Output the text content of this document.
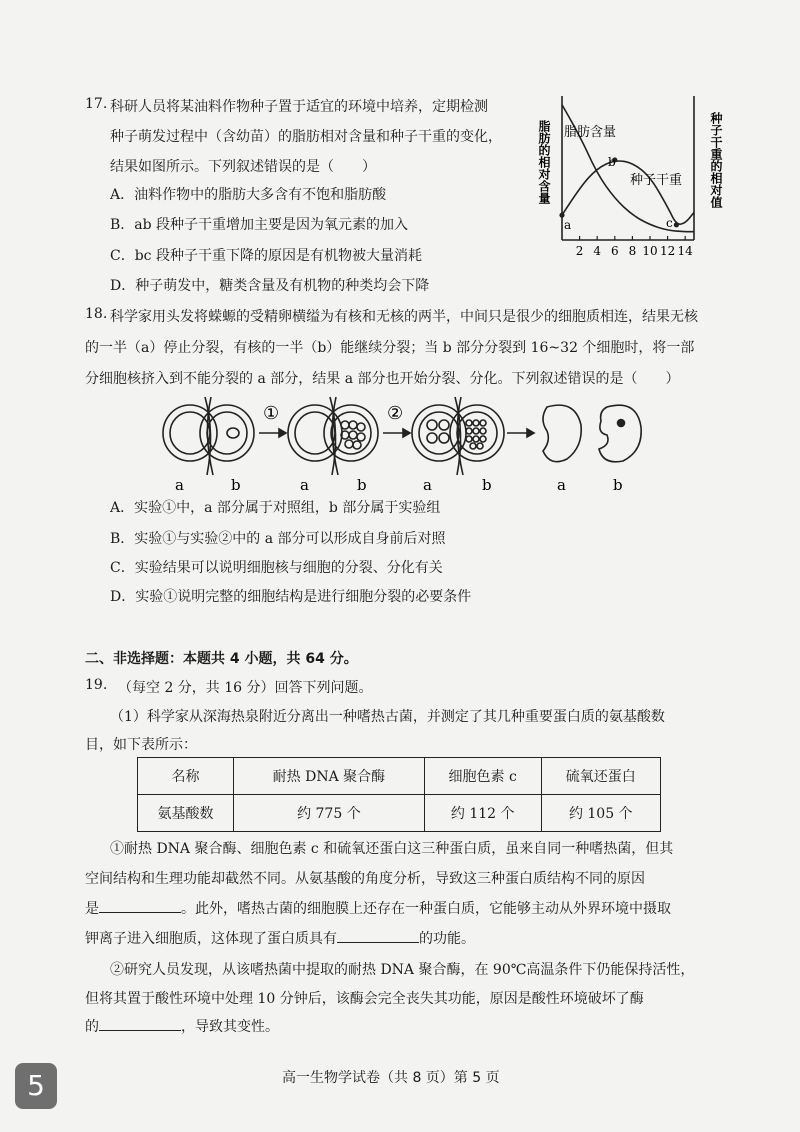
17. 科研人员将某油料作物种子置于适宜的环境中培养，定期检测
种子萌发过程中（含幼苗）的脂肪相对含量和种子干重的变化，
结果如图所示。下列叙述错误的是（　　）
A．油料作物中的脂肪大多含有不饱和脂肪酸
B．ab 段种子干重增加主要是因为氧元素的加入
C．bc 段种子干重下降的原因是有机物被大量消耗
D．种子萌发中，糖类含量及有机物的种类均会下降
2 4 6 8 10 12 14
脂肪的相对含量	种子干重的相对值
脂肪含量
种子干重
a
b
c
18. 科学家用头发将蝾螈的受精卵横缢为有核和无核的两半，中间只是很少的细胞质相连，结果无核
的一半（a）停止分裂，有核的一半（b）能继续分裂；当 b 部分分裂到 16~32 个细胞时，将一部
分细胞核挤入到不能分裂的 a 部分，结果 a 部分也开始分裂、分化。下列叙述错误的是（　　）
a	b
①
a	b
②
a	b	a	b
A．实验①中，a 部分属于对照组，b 部分属于实验组
B．实验①与实验②中的 a 部分可以形成自身前后对照
C．实验结果可以说明细胞核与细胞的分裂、分化有关
D．实验①说明完整的细胞结构是进行细胞分裂的必要条件
二、非选择题：本题共 4 小题，共 64 分。
19. （每空 2 分，共 16 分）回答下列问题。
（1）科学家从深海热泉附近分离出一种嗜热古菌，并测定了其几种重要蛋白质的氨基酸数
目，如下表所示：
名称	耐热 DNA 聚合酶	细胞色素 c	硫氧还蛋白
氨基酸数	约 775 个	约 112 个	约 105 个
①耐热 DNA 聚合酶、细胞色素 c 和硫氧还蛋白这三种蛋白质，虽来自同一种嗜热菌，但其
空间结构和生理功能却截然不同。从氨基酸的角度分析，导致这三种蛋白质结构不同的原因
是	。此外，嗜热古菌的细胞膜上还存在一种蛋白质，它能够主动从外界环境中摄取
钾离子进入细胞质，这体现了蛋白质具有	的功能。
②研究人员发现，从该嗜热菌中提取的耐热 DNA 聚合酶，在 90℃高温条件下仍能保持活性，
但将其置于酸性环境中处理 10 分钟后，该酶会完全丧失其功能，原因是酸性环境破坏了酶
的	，导致其变性。
高一生物学试卷（共 8 页）第 5 页
5
